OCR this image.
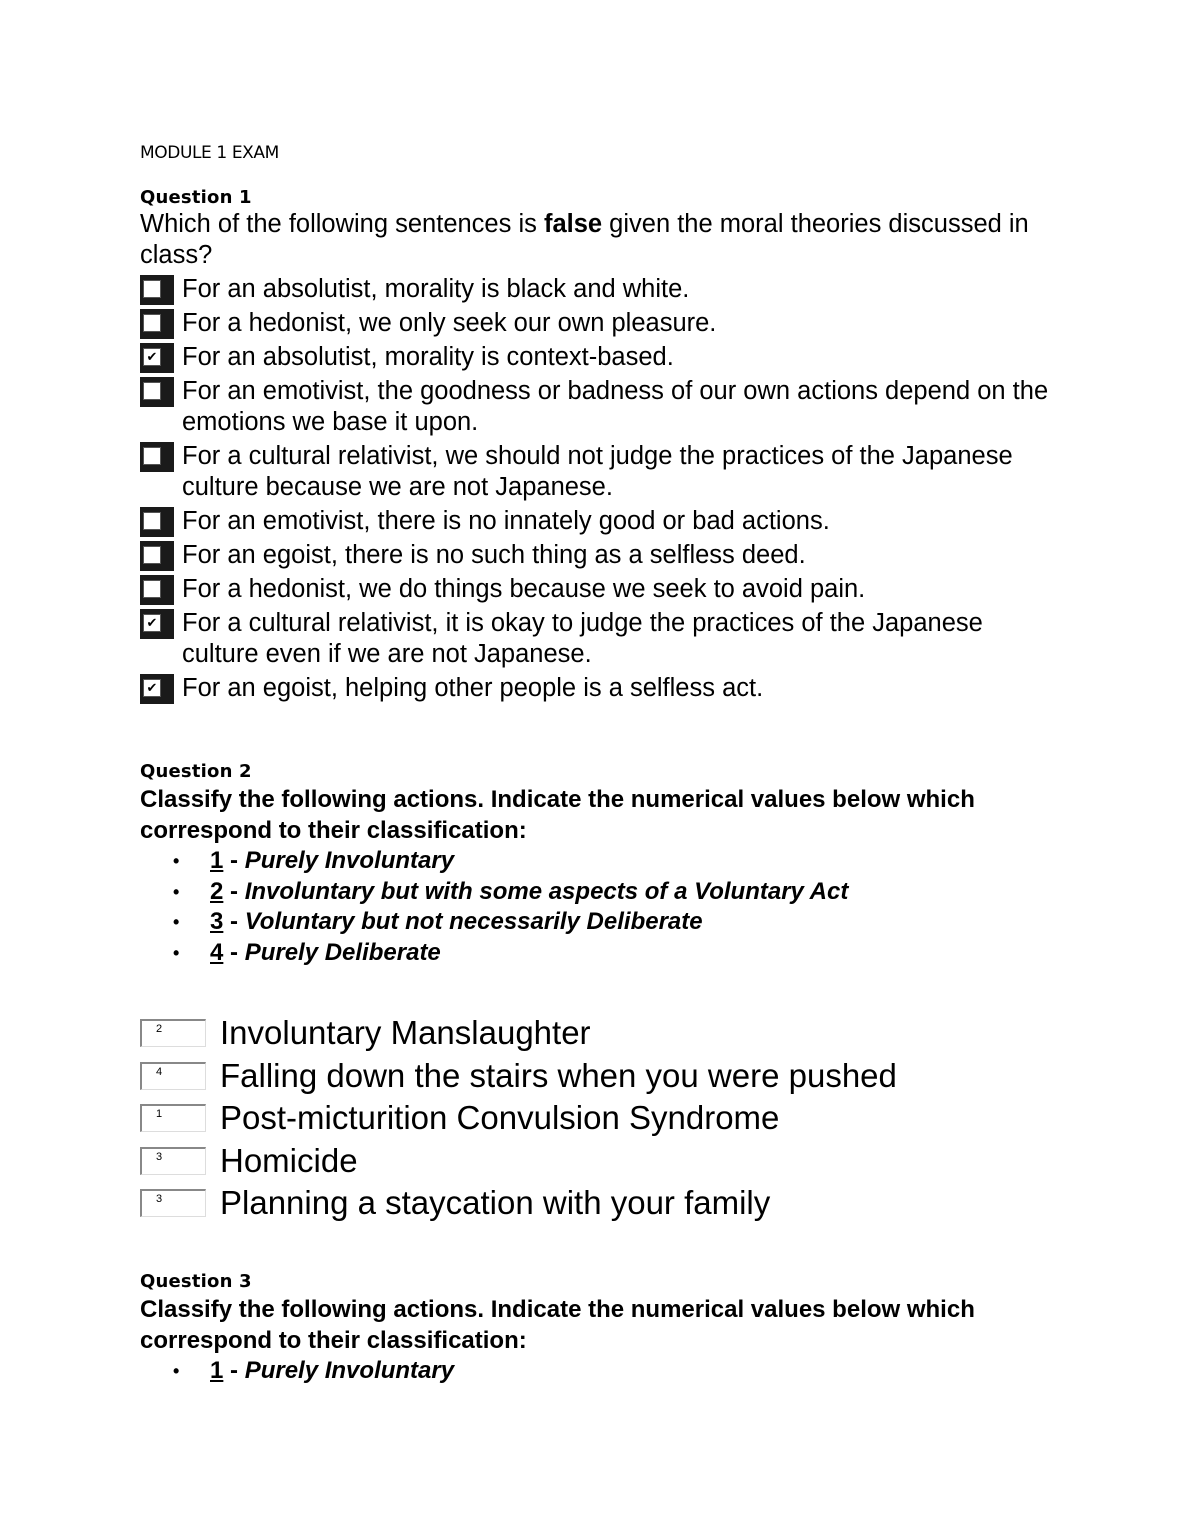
MODULE 1 EXAM
Question 1
Which of the following sentences is false given the moral theories discussed in class?
For an absolutist, morality is black and white.
For a hedonist, we only seek our own pleasure.
✔ For an absolutist, morality is context-based.
For an emotivist, the goodness or badness of our own actions depend on the emotions we base it upon.
For a cultural relativist, we should not judge the practices of the Japanese culture because we are not Japanese.
For an emotivist, there is no innately good or bad actions.
For an egoist, there is no such thing as a selfless deed.
For a hedonist, we do things because we seek to avoid pain.
✔ For a cultural relativist, it is okay to judge the practices of the Japanese culture even if we are not Japanese.
✔ For an egoist, helping other people is a selfless act.
Question 2
Classify the following actions. Indicate the numerical values below which correspond to their classification:
• 1 - Purely Involuntary
• 2 - Involuntary but with some aspects of a Voluntary Act
• 3 - Voluntary but not necessarily Deliberate
• 4 - Purely Deliberate
2	Involuntary Manslaughter
4	Falling down the stairs when you were pushed
1	Post-micturition Convulsion Syndrome
3	Homicide
3	Planning a staycation with your family
Question 3
Classify the following actions. Indicate the numerical values below which correspond to their classification:
• 1 - Purely Involuntary
